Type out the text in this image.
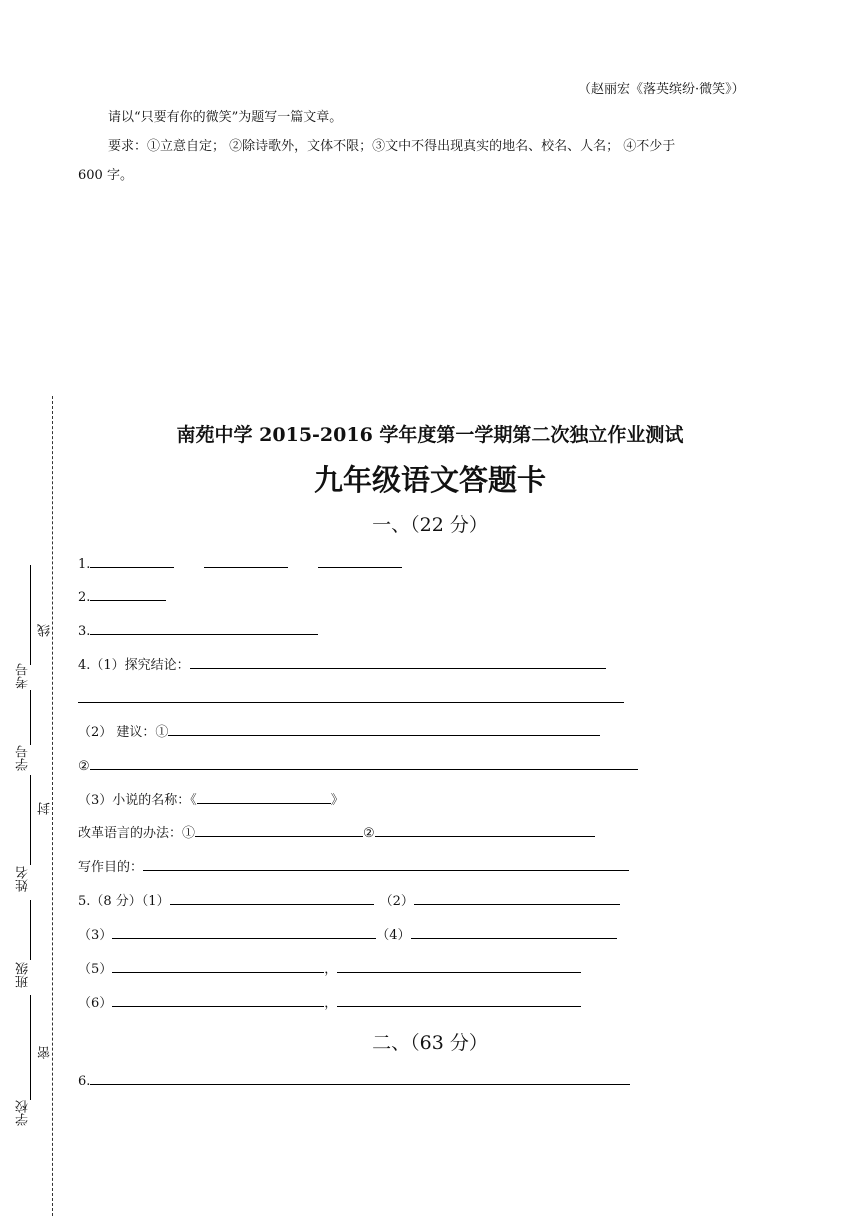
（赵丽宏《落英缤纷·微笑》）
请以“只要有你的微笑”为题写一篇文章。
要求：①立意自定； ②除诗歌外，文体不限；③文中不得出现真实的地名、校名、人名； ④不少于
600 字。
考号
学号
姓名
班级
学校
线
封
密
南苑中学 2015-2016 学年度第一学期第二次独立作业测试
九年级语文答题卡
一、（22 分）
1.
2.
3.
4.（1）探究结论：
（2） 建议：①
②
（3）小说的名称：《	》
改革语言的办法：①	②
写作目的：
5.（8 分）（1）	（2）
（3）	（4）
（5）	，
（6）	，
二、（63 分）
6.
